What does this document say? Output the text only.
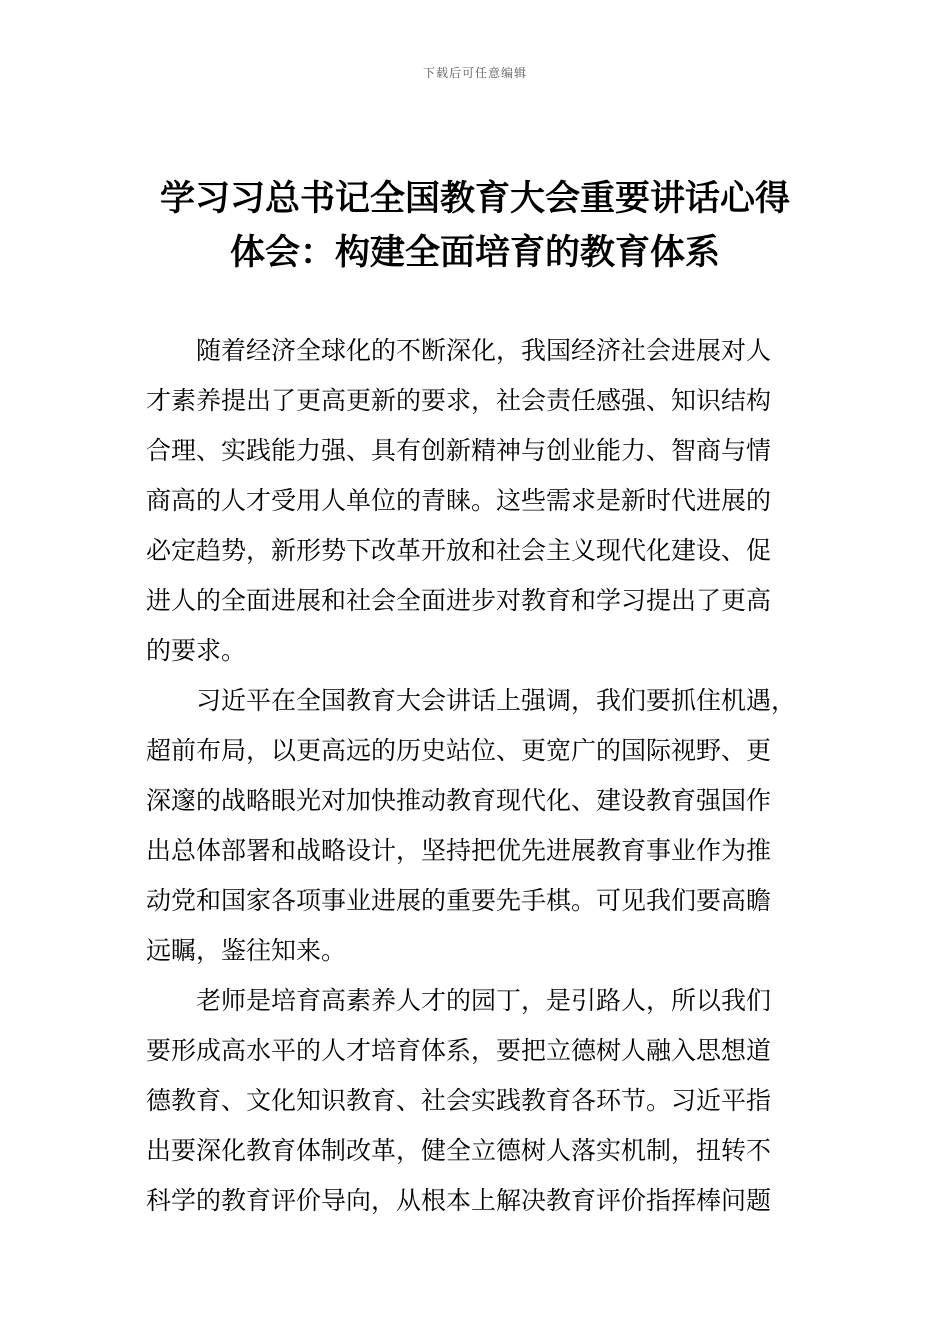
下载后可任意编辑
学习习总书记全国教育大会重要讲话心得
体会：构建全面培育的教育体系

随着经济全球化的不断深化，我国经济社会进展对人
才素养提出了更高更新的要求，社会责任感强、知识结构
合理、实践能力强、具有创新精神与创业能力、智商与情
商高的人才受用人单位的青睐。这些需求是新时代进展的
必定趋势，新形势下改革开放和社会主义现代化建设、促
进人的全面进展和社会全面进步对教育和学习提出了更高
的要求。

习近平在全国教育大会讲话上强调，我们要抓住机遇，
超前布局，以更高远的历史站位、更宽广的国际视野、更
深邃的战略眼光对加快推动教育现代化、建设教育强国作
出总体部署和战略设计，坚持把优先进展教育事业作为推
动党和国家各项事业进展的重要先手棋。可见我们要高瞻
远瞩，鉴往知来。

老师是培育高素养人才的园丁，是引路人，所以我们
要形成高水平的人才培育体系，要把立德树人融入思想道
德教育、文化知识教育、社会实践教育各环节。习近平指
出要深化教育体制改革，健全立德树人落实机制，扭转不
科学的教育评价导向，从根本上解决教育评价指挥棒问题
